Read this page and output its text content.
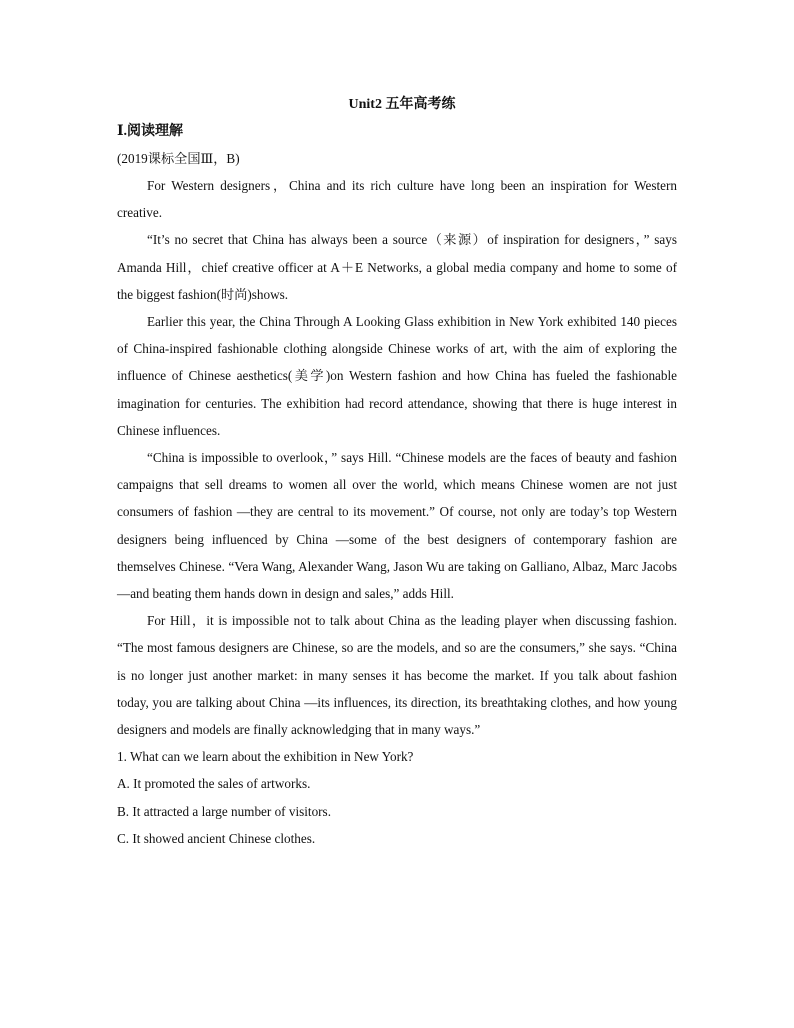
Unit2 五年高考练
Ⅰ.阅读理解
(2019课标全国Ⅲ，B)

For Western designers，China and its rich culture have long been an inspiration for Western creative.

“It’s no secret that China has always been a source（来源）of inspiration for designers，” says Amanda Hill，chief creative officer at A＋E Networks, a global media company and home to some of the biggest fashion(时尚)shows.

Earlier this year, the China Through A Looking Glass exhibition in New York exhibited 140 pieces of China-inspired fashionable clothing alongside Chinese works of art, with the aim of exploring the influence of Chinese aesthetics(美学)on Western fashion and how China has fueled the fashionable imagination for centuries. The exhibition had record attendance, showing that there is huge interest in Chinese influences.

“China is impossible to overlook，” says Hill. “Chinese models are the faces of beauty and fashion campaigns that sell dreams to women all over the world, which means Chinese women are not just consumers of fashion —they are central to its movement.” Of course, not only are today’s top Western designers being influenced by China —some of the best designers of contemporary fashion are themselves Chinese. “Vera Wang, Alexander Wang, Jason Wu are taking on Galliano, Albaz, Marc Jacobs—and beating them hands down in design and sales,” adds Hill.

For Hill，it is impossible not to talk about China as the leading player when discussing fashion. “The most famous designers are Chinese, so are the models, and so are the consumers,” she says. “China is no longer just another market: in many senses it has become the market. If you talk about fashion today, you are talking about China —its influences, its direction, its breathtaking clothes, and how young designers and models are finally acknowledging that in many ways.”

1. What can we learn about the exhibition in New York?

A. It promoted the sales of artworks.

B. It attracted a large number of visitors.

C. It showed ancient Chinese clothes.
